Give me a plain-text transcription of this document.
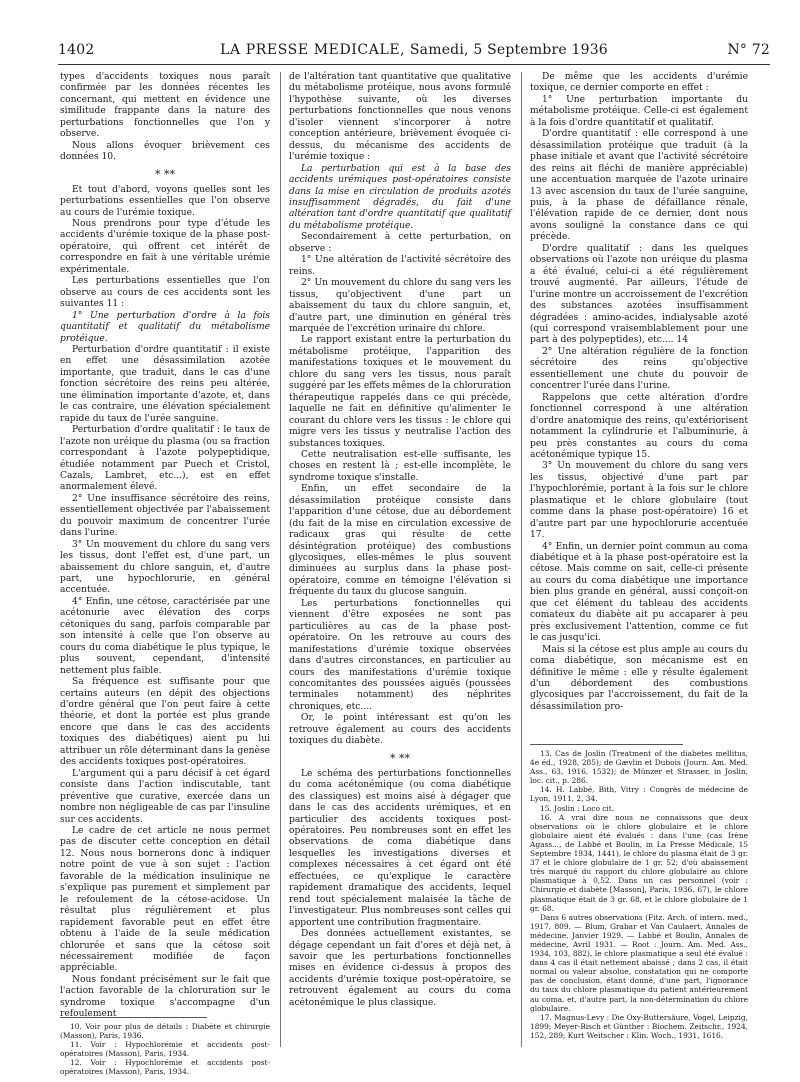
1402	LA PRESSE MEDICALE, Samedi, 5 Septembre 1936	N° 72

types d'accidents toxiques nous paraît confirmée par les données récentes les concernant, qui mettent en évidence une similitude frappante dans la nature des perturbations fonctionnelles que l'on y observe.

Nous allons évoquer brièvement ces données 10.

* **

Et tout d'abord, voyons quelles sont les perturbations essentielles que l'on observe au cours de l'urémie toxique.

Nous prendrons pour type d'étude les accidents d'urémie toxique de la phase post-opératoire, qui offrent cet intérêt de correspondre en fait à une véritable urémie expérimentale.

Les perturbations essentielles que l'on observe au cours de ces accidents sont les suivantes 11 :

1° Une perturbation d'ordre à la fois quantitatif et qualitatif du métabolisme protéique.

Perturbation d'ordre quantitatif : il existe en effet une désassimilation azotée importante, que traduit, dans le cas d'une fonction sécrétoire des reins peu altérée, une élimination importante d'azote, et, dans le cas contraire, une élévation spécialement rapide du taux de l'urée sanguine.

Perturbation d'ordre qualitatif : le taux de l'azote non uréique du plasma (ou sa fraction correspondant à l'azote polypeptidique, étudiée notamment par Puech et Cristol, Cazals, Lambret, etc...), est en effet anormalement élevé.

2° Une insuffisance sécrétoire des reins, essentiellement objectivée par l'abaissement du pouvoir maximum de concentrer l'urée dans l'urine.

3° Un mouvement du chlore du sang vers les tissus, dont l'effet est, d'une part, un abaissement du chlore sanguin, et, d'autre part, une hypochlorurie, en général accentuée.

4° Enfin, une cétose, caractérisée par une acétonurie avec élévation des corps cétoniques du sang, parfois comparable par son intensité à celle que l'on observe au cours du coma diabétique le plus typique, le plus souvent, cependant, d'intensité nettement plus faible.

Sa fréquence est suffisante pour que certains auteurs (en dépit des objections d'ordre général que l'on peut faire à cette théorie, et dont la portée est plus grande encore que dans le cas des accidents toxiques des diabétiques) aient pu lui attribuer un rôle déterminant dans la genèse des accidents toxiques post-opératoires.

L'argument qui a paru décisif à cet égard consiste dans l'action indiscutable, tant préventive que curative, exercée dans un nombre non négligeable de cas par l'insuline sur ces accidents.

Le cadre de cet article ne nous permet pas de discuter cette conception en détail 12. Nous nous bornerons donc à indiquer notre point de vue à son sujet : l'action favorable de la médication insulinique ne s'explique pas purement et simplement par le refoulement de la cétose-acidose. Un résultat plus régulièrement et plus rapidement favorable peut en effet être obtenu à l'aide de la seule médication chlorurée et sans que la cétose soit nécessairement modifiée de façon appréciable.

Nous fondant précisément sur le fait que l'action favorable de la chloruration sur le syndrome toxique s'accompagne d'un refoulement

10. Voir pour plus de détails : Diabète et chirurgie (Masson), Paris, 1936.

11. Voir : Hypochlorémie et accidents post-opératoires (Masson), Paris, 1934.

12. Voir : Hypochlorémie et accidents post-opératoires (Masson), Paris, 1934.

de l'altération tant quantitative que qualitative du métabolisme protéique, nous avons formulé l'hypothèse suivante, où les diverses perturbations fonctionnelles que nous venons d'isoler viennent s'incorporer à notre conception antérieure, brièvement évoquée ci-dessus, du mécanisme des accidents de l'urémie toxique :

La perturbation qui est à la base des accidents urémiques post-opératoires consiste dans la mise en circulation de produits azotés insuffisamment dégradés, du fait d'une altération tant d'ordre quantitatif que qualitatif du métabolisme protéique.

Secondairement à cette perturbation, on observe :

1° Une altération de l'activité sécrétoire des reins.

2° Un mouvement du chlore du sang vers les tissus, qu'objectivent d'une part un abaissement du taux du chlore sanguin, et, d'autre part, une diminution en général très marquée de l'excrétion urinaire du chlore.

Le rapport existant entre la perturbation du métabolisme protéique, l'apparition des manifestations toxiques et le mouvement du chlore du sang vers les tissus, nous paraît suggéré par les effets mêmes de la chloruration thérapeutique rappelés dans ce qui précède, laquelle ne fait en définitive qu'alimenter le courant du chlore vers les tissus : le chlore qui migre vers les tissus y neutralise l'action des substances toxiques.

Cette neutralisation est-elle suffisante, les choses en restent là ; est-elle incomplète, le syndrome toxique s'installe.

Enfin, un effet secondaire de la désassimilation protéique consiste dans l'apparition d'une cétose, due au débordement (du fait de la mise en circulation excessive de radicaux gras qui résulte de cette désintégration protéique) des combustions glycosiques, elles-mêmes le plus souvent diminuées au surplus dans la phase post-opératoire, comme en témoigne l'élévation si fréquente du taux du glucose sanguin.

Les perturbations fonctionnelles qui viennent d'être exposées ne sont pas particulières au cas de la phase post-opératoire. On les retrouve au cours des manifestations d'urémie toxique observées dans d'autres circonstances, en particulier au cours des manifestations d'urémie toxique concomitantes des poussées aiguës (poussées terminales notamment) des néphrites chroniques, etc....

Or, le point intéressant est qu'on les retrouve également au cours des accidents toxiques du diabète.

* **

Le schéma des perturbations fonctionnelles du coma acétonémique (ou coma diabétique des classiques) est moins aisé à dégager que dans le cas des accidents urémiques, et en particulier des accidents toxiques post-opératoires. Peu nombreuses sont en effet les observations de coma diabétique dans lesquelles les investigations diverses et complexes nécessaires à cet égard ont été effectuées, ce qu'explique le caractère rapidement dramatique des accidents, lequel rend tout spécialement malaisée la tâche de l'investigateur. Plus nombreuses sont celles qui apportent une contribution fragmentaire.

Des données actuellement existantes, se dégage cependant un fait d'ores et déjà net, à savoir que les perturbations fonctionnelles mises en évidence ci-dessus à propos des accidents d'urémie toxique post-opératoire, se retrouvent également au cours du coma acétonémique le plus classique.

De même que les accidents d'urémie toxique, ce dernier comporte en effet :

1° Une perturbation importante du métabolisme protéique. Celle-ci est également à la fois d'ordre quantitatif et qualitatif.

D'ordre quantitatif : elle correspond à une désassimilation protéique que traduit (à la phase initiale et avant que l'activité sécrétoire des reins ait fléchi de manière appréciable) une accentuation marquée de l'azote urinaire 13 avec ascension du taux de l'urée sanguine, puis, à la phase de défaillance rénale, l'élévation rapide de ce dernier, dont nous avons souligné la constance dans ce qui précède.

D'ordre qualitatif : dans les quelques observations où l'azote non uréique du plasma a été évalué, celui-ci a été régulièrement trouvé augmenté. Par ailleurs, l'étude de l'urine montre un accroissement de l'excrétion des substances azotées insuffisamment dégradées : amino-acides, indialysable azoté (qui correspond vraisemblablement pour une part à des polypeptides), etc.... 14

2° Une altération régulière de la fonction sécrétoire des reins qu'objective essentiellement une chute du pouvoir de concentrer l'urée dans l'urine.

Rappelons que cette altération d'ordre fonctionnel correspond à une altération d'ordre anatomique des reins, qu'extériorisent notamment la cylindrurie et l'albuminurie, à peu près constantes au cours du coma acétonémique typique 15.

3° Un mouvement du chlore du sang vers les tissus, objectivé d'une part par l'hypochlorémie, portant à la fois sur le chlore plasmatique et le chlore globulaire (tout comme dans la phase post-opératoire) 16 et d'autre part par une hypochlorurie accentuée 17.

4° Enfin, un dernier point commun au coma diabétique et à la phase post-opératoire est la cétose. Mais comme on sait, celle-ci présente au cours du coma diabétique une importance bien plus grande en général, aussi conçoit-on que cet élément du tableau des accidents comateux du diabète ait pu accaparer à peu près exclusivement l'attention, comme ce fut le cas jusqu'ici.

Mais si la cétose est plus ample au cours du coma diabétique, son mécanisme est en définitive le même : elle y résulte également d'un débordement des combustions glycosiques par l'accroissement, du fait de la désassimilation pro-

13. Cas de Joslin (Treatment of the diabetes mellitus, 4e éd., 1928, 285); de Gævlin et Dubois (Journ. Am. Med. Ass., 63, 1916, 1532); de Münzer et Strasser, in Joslin, loc. cit., p. 286.

14. H. Labbé, Bith, Vitry : Congrès de médecine de Lyon, 1911, 2, 34.

15. Joslin : Loco cit.

16. A vrai dire nous ne connaissons que deux observations où le chlore globulaire et le chlore globulaire aient été évalués : dans l'une (cas Irène Agass..., de Labbé et Boulin, in La Presse Médicale, 15 Septembre 1934, 1441), le chlore du plasma était de 3 gr. 37 et le chlore globulaire de 1 gr. 52; d'où abaissement très marqué du rapport du chlore globulaire au chlore plasmatique à 0,52. Dans un cas personnel (voir : Chirurgie et diabète [Masson], Paris, 1936, 67), le chlore plasmatique était de 3 gr. 68, et le chlore globulaire de 1 gr. 68.

Dans 6 autres observations (Fitz. Arch. of intern. med., 1917, 809. — Blum, Grabar et Van Caulaert, Annales de médecine, Janvier 1929. — Labbé et Boulin, Annales de médecine, Avril 1931. — Root : Journ. Am. Med. Ass., 1934, 103, 882), le chlore plasmatique a seul été évalué : dans 4 cas il était nettement abaissé ; dans 2 cas, il était normal ou valeur absolue, constatation qui ne comporte pas de conclusion, étant donné, d'une part, l'ignorance du taux du chlore plasmatique du patient antérieurement au coma, et, d'autre part, la non-détermination du chlore globulaire.

17. Magnus-Levy : Die Oxy-Buttersäure, Vogel, Leipzig, 1899; Meyer-Bisch et Günther : Biochem. Zeitschr., 1924, 152, 289; Kurt Weitscher : Klin. Woch., 1931, 1616.
